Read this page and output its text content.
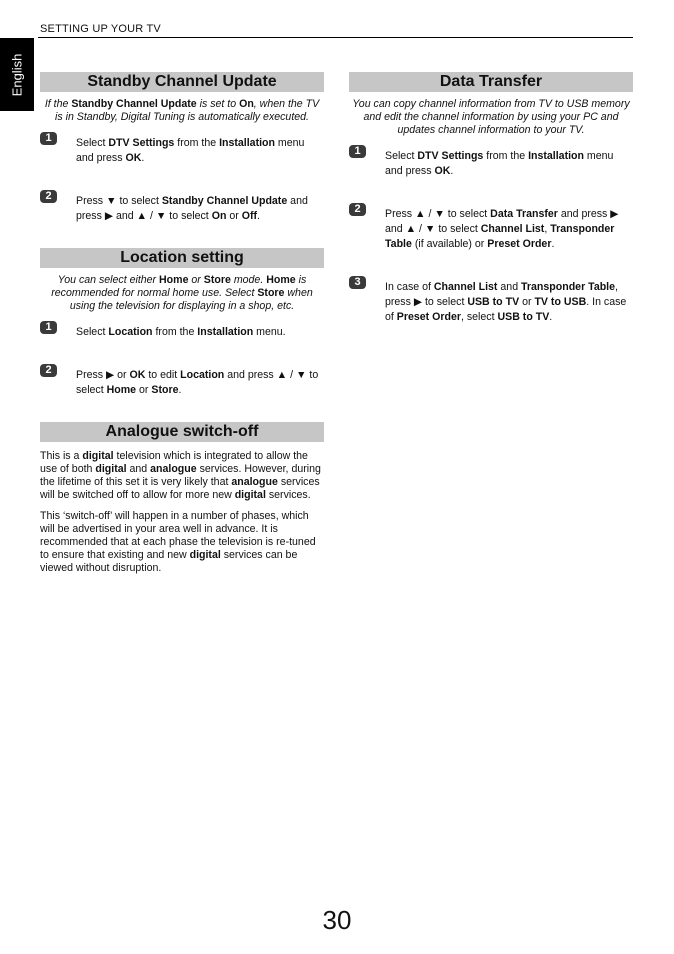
SETTING UP YOUR TV
English	Standby Channel Update

If the Standby Channel Update is set to On, when the TV is in Standby, Digital Tuning is automatically executed.

1	Select DTV Settings from the Installation menu and press OK.
2	Press ▼ to select Standby Channel Update and press ▶ and ▲ / ▼ to select On or Off.
Location setting

You can select either Home or Store mode. Home is recommended for normal home use. Select Store when using the television for displaying in a shop, etc.

1	Select Location from the Installation menu.
2	Press ▶ or OK to edit Location and press ▲ / ▼ to select Home or Store.
Analogue switch-off

This is a digital television which is integrated to allow the use of both digital and analogue services. However, during the lifetime of this set it is very likely that analogue services will be switched off to allow for more new digital services.

This ‘switch-off’ will happen in a number of phases, which will be advertised in your area well in advance. It is recommended that at each phase the television is re-tuned to ensure that existing and new digital services can be viewed without disruption.

Data Transfer

You can copy channel information from TV to USB memory and edit the channel information by using your PC and updates channel information to your TV.

1	Select DTV Settings from the Installation menu and press OK.
2	Press ▲ / ▼ to select Data Transfer and press ▶ and ▲ / ▼ to select Channel List, Transponder Table (if available) or Preset Order.
3	In case of Channel List and Transponder Table, press ▶ to select USB to TV or TV to USB. In case of Preset Order, select USB to TV.
30
